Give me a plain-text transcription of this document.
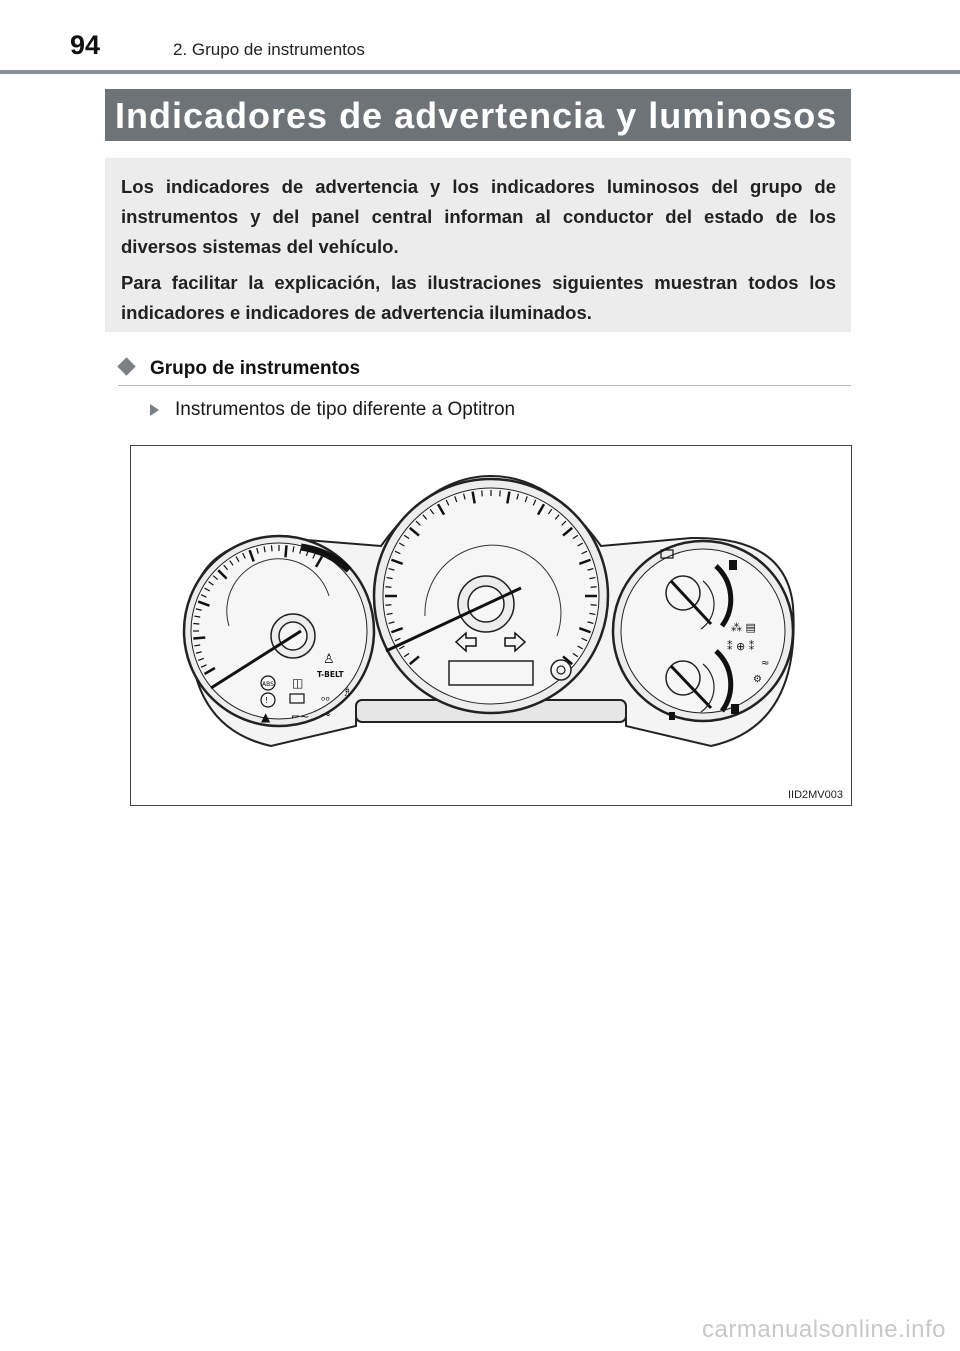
94	2. Grupo de instrumentos
Indicadores de advertencia y luminosos

Los indicadores de advertencia y los indicadores luminosos del grupo de instrumentos y del panel central informan al conductor del estado de los diversos sistemas del vehículo.

Para facilitar la explicación, las ilustraciones siguientes muestran todos los indicadores e indicadores de advertencia iluminados.

Grupo de instrumentos
Instrumentos de tipo diferente a Optitron
⁑ ⊕ ⁑
⁂ ▤
≈
⚙
ABS
!
▲
◫
⌐~
ᵒᵒ
⊸
♗
T-BELT
♙
IID2MV003
carmanualsonline.info
